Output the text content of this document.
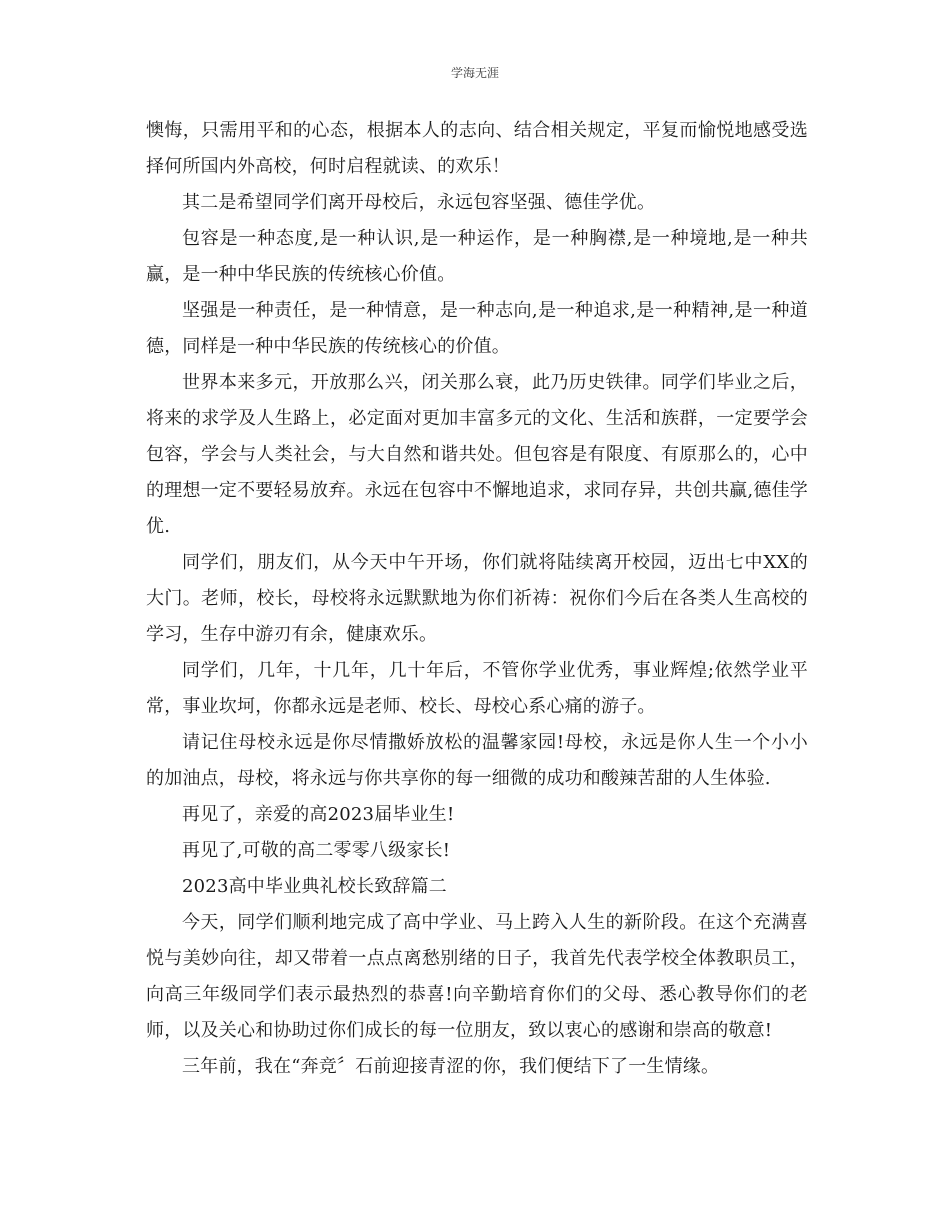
学海无涯

懊悔，只需用平和的心态，根据本人的志向、结合相关规定，平复而愉悦地感受选择何所国内外高校，何时启程就读、的欢乐！

其二是希望同学们离开母校后，永远包容坚强、德佳学优。

包容是一种态度,是一种认识,是一种运作，是一种胸襟,是一种境地,是一种共赢，是一种中华民族的传统核心价值。

坚强是一种责任，是一种情意，是一种志向,是一种追求,是一种精神,是一种道德，同样是一种中华民族的传统核心的价值。

世界本来多元，开放那么兴，闭关那么衰，此乃历史铁律。同学们毕业之后，将来的求学及人生路上，必定面对更加丰富多元的文化、生活和族群，一定要学会包容，学会与人类社会，与大自然和谐共处。但包容是有限度、有原那么的，心中的理想一定不要轻易放弃。永远在包容中不懈地追求，求同存异，共创共赢,德佳学优.

同学们，朋友们，从今天中午开场，你们就将陆续离开校园，迈出七中XX的大门。老师，校长，母校将永远默默地为你们祈祷：祝你们今后在各类人生高校的学习，生存中游刃有余，健康欢乐。

同学们，几年，十几年，几十年后，不管你学业优秀，事业辉煌;依然学业平常，事业坎坷，你都永远是老师、校长、母校心系心痛的游子。

请记住母校永远是你尽情撒娇放松的温馨家园!母校，永远是你人生一个小小的加油点，母校，将永远与你共享你的每一细微的成功和酸辣苦甜的人生体验.

再见了，亲爱的高2023届毕业生!

再见了,可敬的高二零零八级家长!

2023高中毕业典礼校长致辞篇二

今天，同学们顺利地完成了高中学业、马上跨入人生的新阶段。在这个充满喜悦与美妙向往，却又带着一点点离愁别绪的日子，我首先代表学校全体教职员工，向高三年级同学们表示最热烈的恭喜!向辛勤培育你们的父母、悉心教导你们的老师，以及关心和协助过你们成长的每一位朋友，致以衷心的感谢和崇高的敬意!

三年前，我在“奔竞〞石前迎接青涩的你，我们便结下了一生情缘。
